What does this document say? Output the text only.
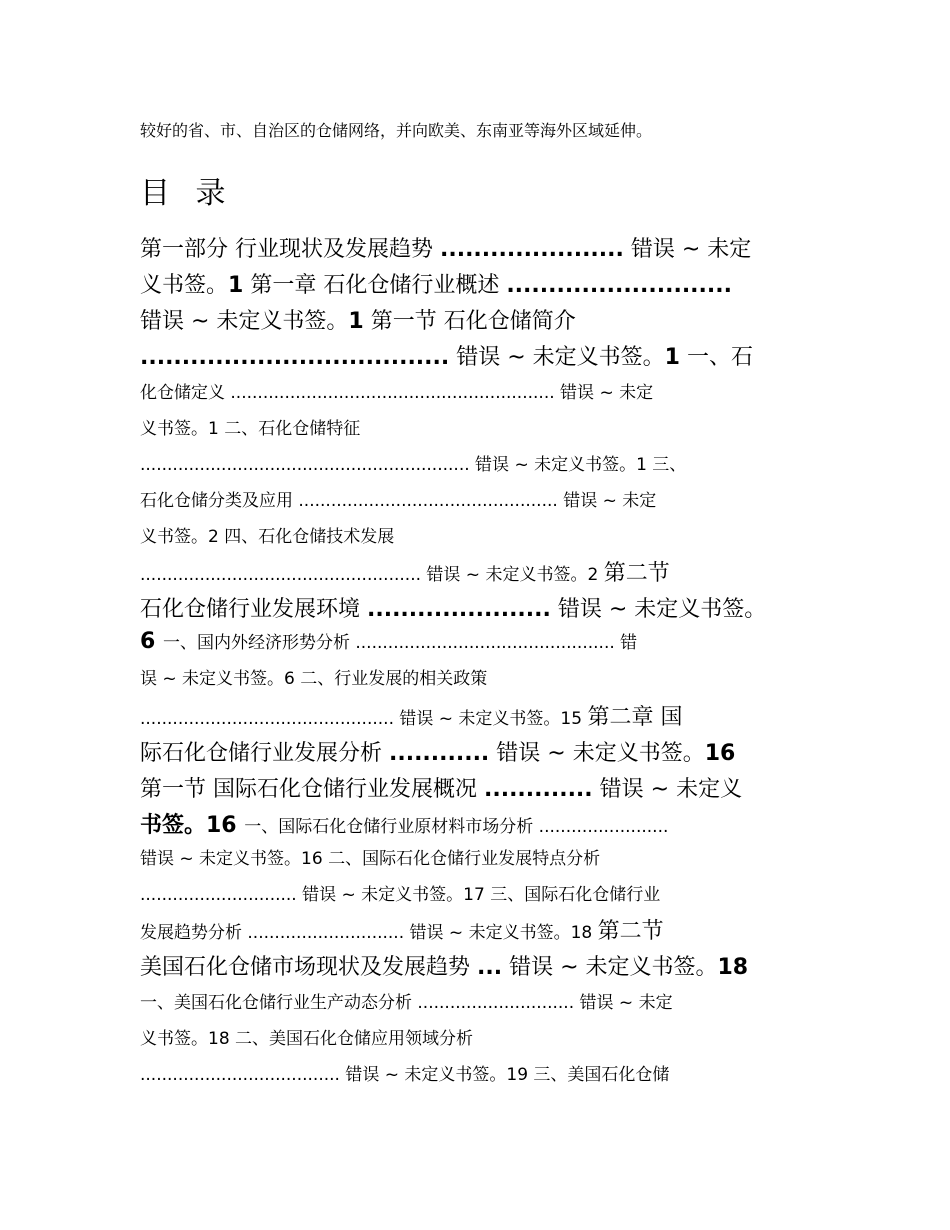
较好的省、市、自治区的仓储网络，并向欧美、东南亚等海外区域延伸。
目 录
第一部分 行业现状及发展趋势 ...................... 错误 ~ 未定
义书签。1 第一章 石化仓储行业概述 ...........................
错误 ~ 未定义书签。1 第一节 石化仓储简介
..................................... 错误 ~ 未定义书签。1 一、石
化仓储定义 ............................................................ 错误 ~ 未定
义书签。1 二、石化仓储特征
............................................................. 错误 ~ 未定义书签。1 三、
石化仓储分类及应用 ................................................ 错误 ~ 未定
义书签。2 四、石化仓储技术发展
.................................................... 错误 ~ 未定义书签。2 第二节
石化仓储行业发展环境 ...................... 错误 ~ 未定义书签。
6 一、国内外经济形势分析 ................................................ 错
误 ~ 未定义书签。6 二、行业发展的相关政策
............................................... 错误 ~ 未定义书签。15 第二章 国
际石化仓储行业发展分析 ............ 错误 ~ 未定义书签。16
第一节 国际石化仓储行业发展概况 ............. 错误 ~ 未定义
书签。16 一、国际石化仓储行业原材料市场分析 ........................
错误 ~ 未定义书签。16 二、国际石化仓储行业发展特点分析
............................. 错误 ~ 未定义书签。17 三、国际石化仓储行业
发展趋势分析 ............................. 错误 ~ 未定义书签。18 第二节
美国石化仓储市场现状及发展趋势 ... 错误 ~ 未定义书签。18
一、美国石化仓储行业生产动态分析 ............................. 错误 ~ 未定
义书签。18 二、美国石化仓储应用领域分析
..................................... 错误 ~ 未定义书签。19 三、美国石化仓储
